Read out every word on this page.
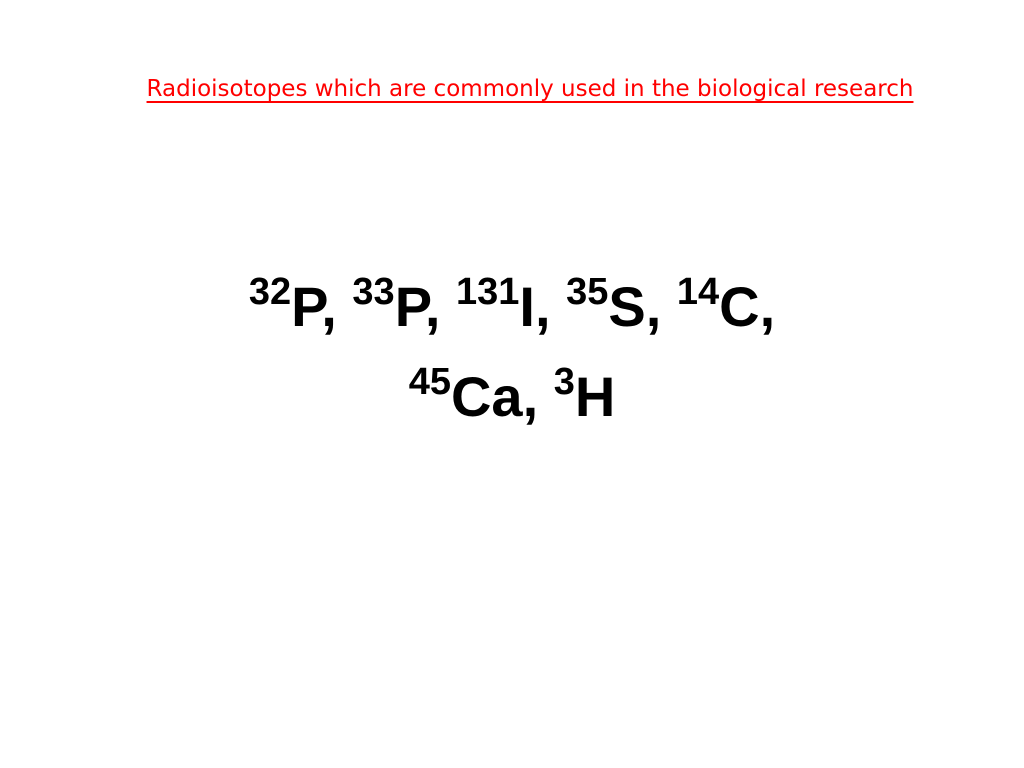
Radioisotopes which are commonly used in the biological research
$^{32}$P, $^{33}$P, $^{131}$I, $^{35}$S, $^{14}$C,
$^{45}$Ca, $^3$H
